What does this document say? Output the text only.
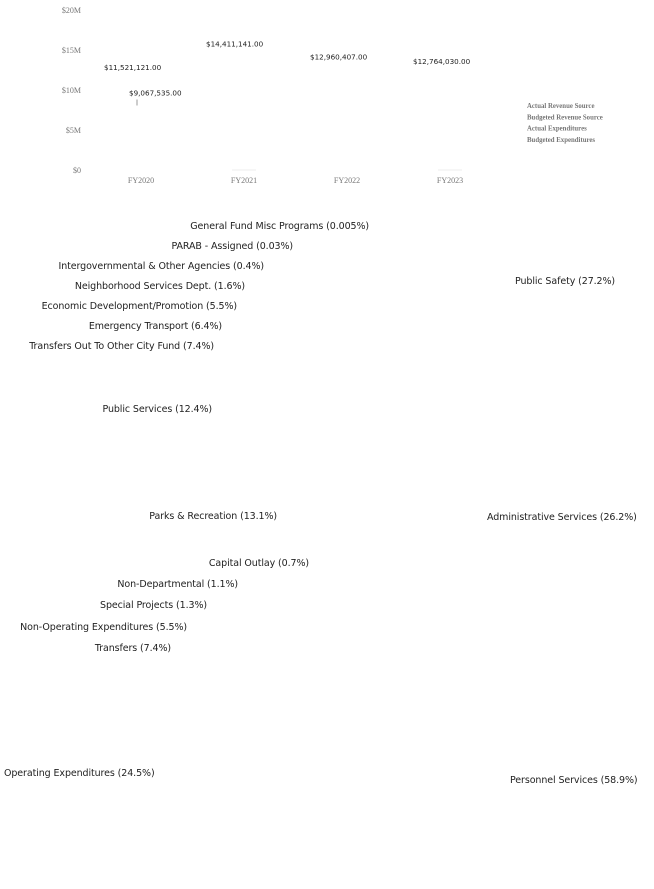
$0
$5M
$10M
$15M
$20M
FY2020	FY2021	FY2022	FY2023
$11,521,121.00
$14,411,141.00
$12,960,407.00
$12,764,030.00
$9,067,535.00
Actual Revenue Source
Budgeted Revenue Source
Actual Expenditures
Budgeted Expenditures
General Fund Misc Programs (0.005%)
PARAB - Assigned (0.03%)
Intergovernmental & Other Agencies (0.4%)
Neighborhood Services Dept. (1.6%)
Economic Development/Promotion (5.5%)
Emergency Transport (6.4%)
Transfers Out To Other City Fund (7.4%)
Public Services (12.4%)
Parks & Recreation (13.1%)
Public Safety (27.2%)
Administrative Services (26.2%)
Capital Outlay (0.7%)
Non-Departmental (1.1%)
Special Projects (1.3%)
Non-Operating Expenditures (5.5%)
Transfers (7.4%)
Operating Expenditures (24.5%)
Personnel Services (58.9%)
